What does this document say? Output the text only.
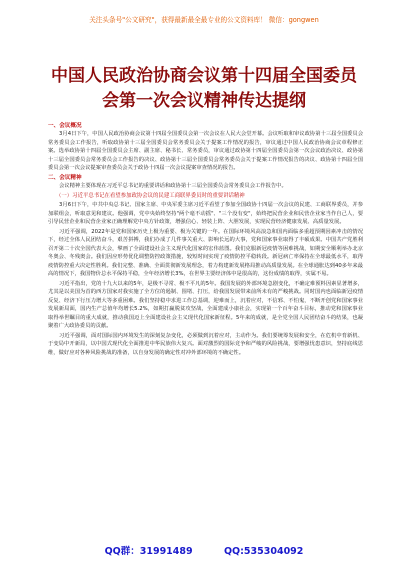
关注头条号"公文研究"，获得最新最全最专业的公文资料库！ 微信：gongwen
中国人民政治协商会议第十四届全国委员
会第一次会议精神传达提纲

一、会议概况

3月4日下午，中国人民政治协商会议第十四届全国委员会第一次会议在人民大会堂开幕。会议听取和审议政协第十三届全国委员会常务委员会工作报告，听取政协第十三届全国委员会常务委员会关于提案工作情况的报告，审议通过中国人民政治协商会议章程修正案。选举政协第十四届全国委员会主席、副主席、秘书长、常务委员，审议通过政协第十四届全国委员会第一次会议政治决议、政协第十三届全国委员会常务委员会工作报告的决议、政协第十三届全国委员会常务委员会关于提案工作情况报告的决议、政协第十四届全国委员会第一次会议提案审查委员会关于政协十四届一次会议提案审查情况的报告。

二、会议精神

会议精神主要体现在习近平总书记的重要讲话和政协第十三届全国委员会常务委员会工作报告中。

（一）习近平总书记在看望参加政协会议的民建工商联界委员时的重要讲话精神

3月6日下午，中共中央总书记、国家主席、中央军委主席习近平看望了参加全国政协十四届一次会议的民建、工商联界委员，并参加联组会，听取意见和建议。他强调，党中央始终坚持"两个毫不动摇"、"三个没有变"，始终把民营企业和民营企业家当作自己人，要引导民营企业和民营企业家正确理解党中央方针政策，增强信心、轻装上阵、大胆发展，实现民营经济健康发展、高质量发展。

习近平强调，2022年是党和国家历史上极为重要、极为关键的一年。在国际环境风高浪急和国内面临多重超预期因素冲击的情况下，经过全体人民团结奋斗，艰苦拼搏，我们办成了几件事关重大、影响长远的大事，党和国家事业取得了丰硕成果。中国共产党胜利召开第二十次全国代表大会，擘画了全面建设社会主义现代化国家的宏伟蓝图。我们克服新冠疫情等困难挑战，如期安全顺利举办北京冬奥会、冬残奥会。我们因应形势优化调整防控政策措施，较短时间实现了疫情防控平稳转段。新冠病亡率保持在全球最低水平，取得疫情防控重大决定性胜利。我们完整、准确、全面贯彻新发展理念，着力构建新发展格局推动高质量发展。在全球通胀达到40多年来最高的情况下，我国物价总水平保持平稳，全年经济增长3%，在世界主要经济体中是很高的，这份成绩的取得，实属不易。

习近平指出，党的十九大以来的5年，是极不寻常、极不平凡的5年。我国发展的外部环境急剧变化，不确定难预料因素显著增多，尤其是以美国为首的西方国家对我实施了全方位的遏制、围堵、打压，给我国发展带来前所未有的严峻挑战。同时国内也面临新冠疫情反复、经济下行压力增大等多重困难。我们坚持稳中求进工作总基调，迎难而上，沉着应对，不信邪、不怕鬼，不断开创党和国家事业发展新局面，国内生产总值年均增长5.2%，如期打赢脱贫攻坚战，全面建成小康社会，实现第一个百年奋斗目标，推动党和国家事业取得举世瞩目的重大成就，推动我国迈上全面建设社会主义现代化国家新征程。5年来的成就，是全党全国人民团结奋斗的结果，也凝聚着广大政协委员的贡献。

习近平强调，面对国际国内环境发生的深刻复杂变化，必须做到沉着应对，主动作为。我们要统筹发展和安全，在危机中育新机、于变局中开新局，以中国式现代化全面推进中华民族伟大复兴。面对激烈的国际竞争和严峻的风险挑战，要增强忧患意识，坚持底线思维，做好应对各种风险挑战的准备，以自身发展的确定性对冲外部环境的不确定性。

QQ群：31991489	QQ:535304092
